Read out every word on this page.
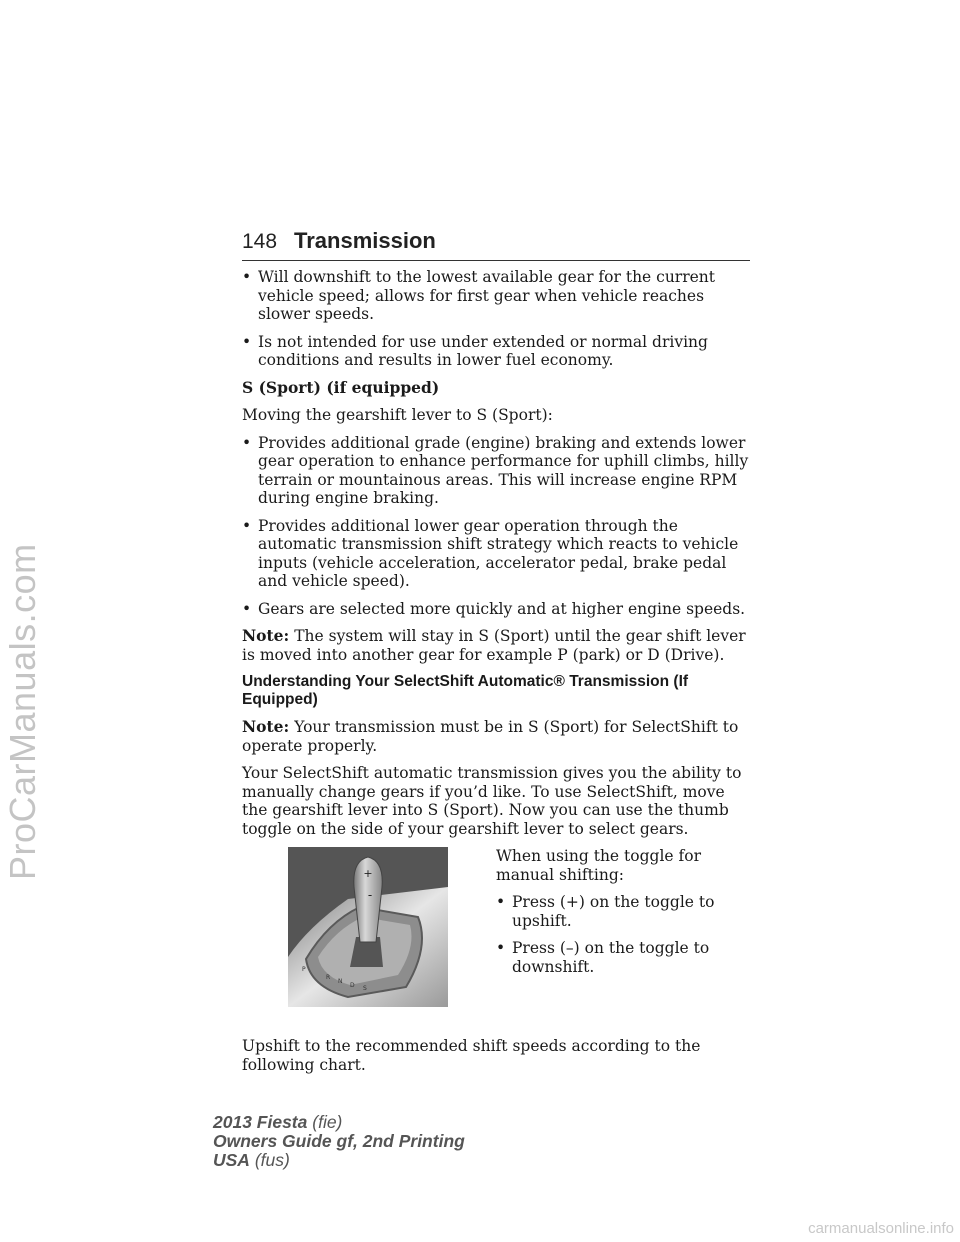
ProCarManuals.com
148 Transmission
• Will downshift to the lowest available gear for the current vehicle speed; allows for first gear when vehicle reaches slower speeds.
• Is not intended for use under extended or normal driving conditions and results in lower fuel economy.
S (Sport) (if equipped)
Moving the gearshift lever to S (Sport):
• Provides additional grade (engine) braking and extends lower gear operation to enhance performance for uphill climbs, hilly terrain or mountainous areas. This will increase engine RPM during engine braking.
• Provides additional lower gear operation through the automatic transmission shift strategy which reacts to vehicle inputs (vehicle acceleration, accelerator pedal, brake pedal and vehicle speed).
• Gears are selected more quickly and at higher engine speeds.
Note: The system will stay in S (Sport) until the gear shift lever is moved into another gear for example P (park) or D (Drive).
Understanding Your SelectShift Automatic® Transmission (If Equipped)
Note: Your transmission must be in S (Sport) for SelectShift to operate properly.
Your SelectShift automatic transmission gives you the ability to manually change gears if you’d like. To use SelectShift, move the gearshift lever into S (Sport). Now you can use the thumb toggle on the side of your gearshift lever to select gears.
+
-
P
R
N
D S
When using the toggle for manual shifting:
• Press (+) on the toggle to upshift.
• Press (–) on the toggle to downshift.
Upshift to the recommended shift speeds according to the following chart.
2013 Fiesta (fie)
Owners Guide gf, 2nd Printing
USA (fus)
carmanualsonline.info
